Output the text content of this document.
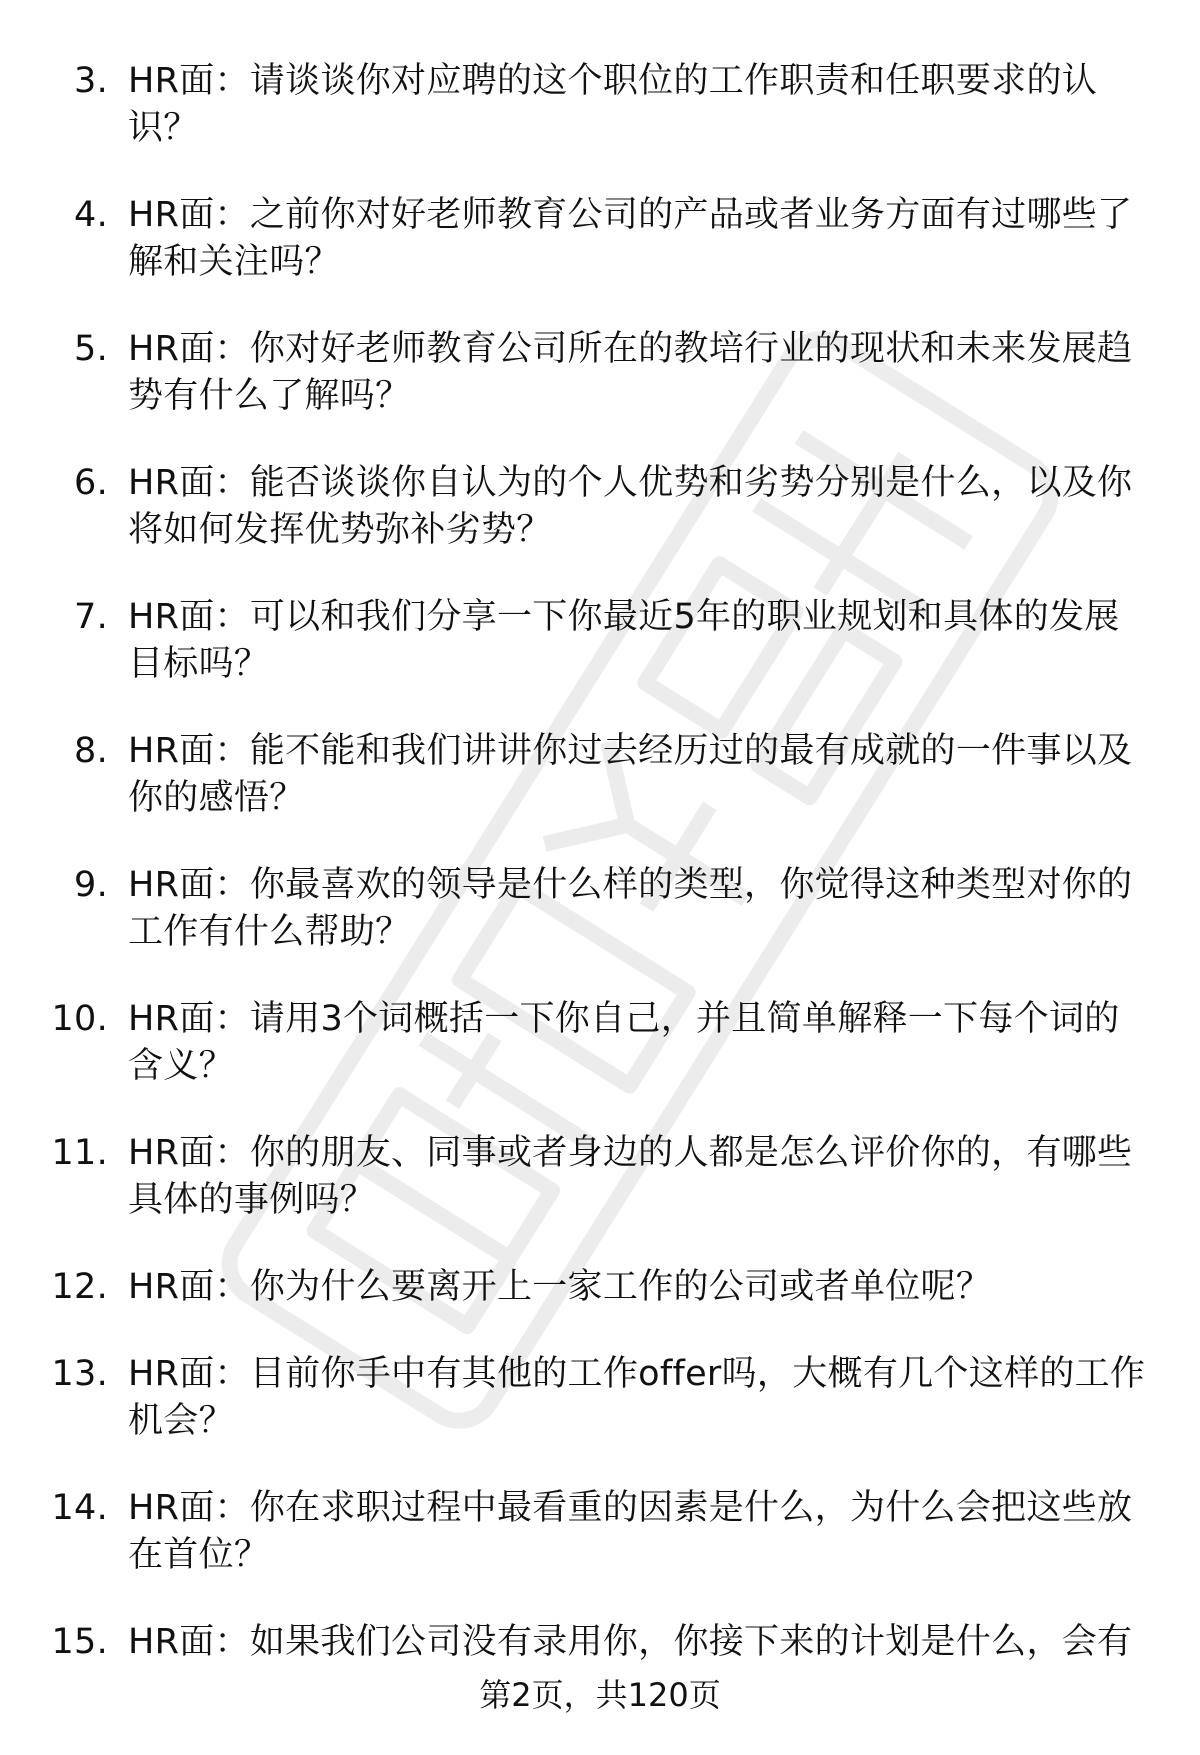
3. HR面：请谈谈你对应聘的这个职位的工作职责和任职要求的认识？
4. HR面：之前你对好老师教育公司的产品或者业务方面有过哪些了解和关注吗？
5. HR面：你对好老师教育公司所在的教培行业的现状和未来发展趋势有什么了解吗？
6. HR面：能否谈谈你自认为的个人优势和劣势分别是什么，以及你将如何发挥优势弥补劣势？
7. HR面：可以和我们分享一下你最近5年的职业规划和具体的发展目标吗？
8. HR面：能不能和我们讲讲你过去经历过的最有成就的一件事以及你的感悟？
9. HR面：你最喜欢的领导是什么样的类型，你觉得这种类型对你的工作有什么帮助？
10. HR面：请用3个词概括一下你自己，并且简单解释一下每个词的含义？
11. HR面：你的朋友、同事或者身边的人都是怎么评价你的，有哪些具体的事例吗？
12. HR面：你为什么要离开上一家工作的公司或者单位呢？
13. HR面：目前你手中有其他的工作offer吗，大概有几个这样的工作机会？
14. HR面：你在求职过程中最看重的因素是什么，为什么会把这些放在首位？
15. HR面：如果我们公司没有录用你，你接下来的计划是什么，会有
第2页，共120页
